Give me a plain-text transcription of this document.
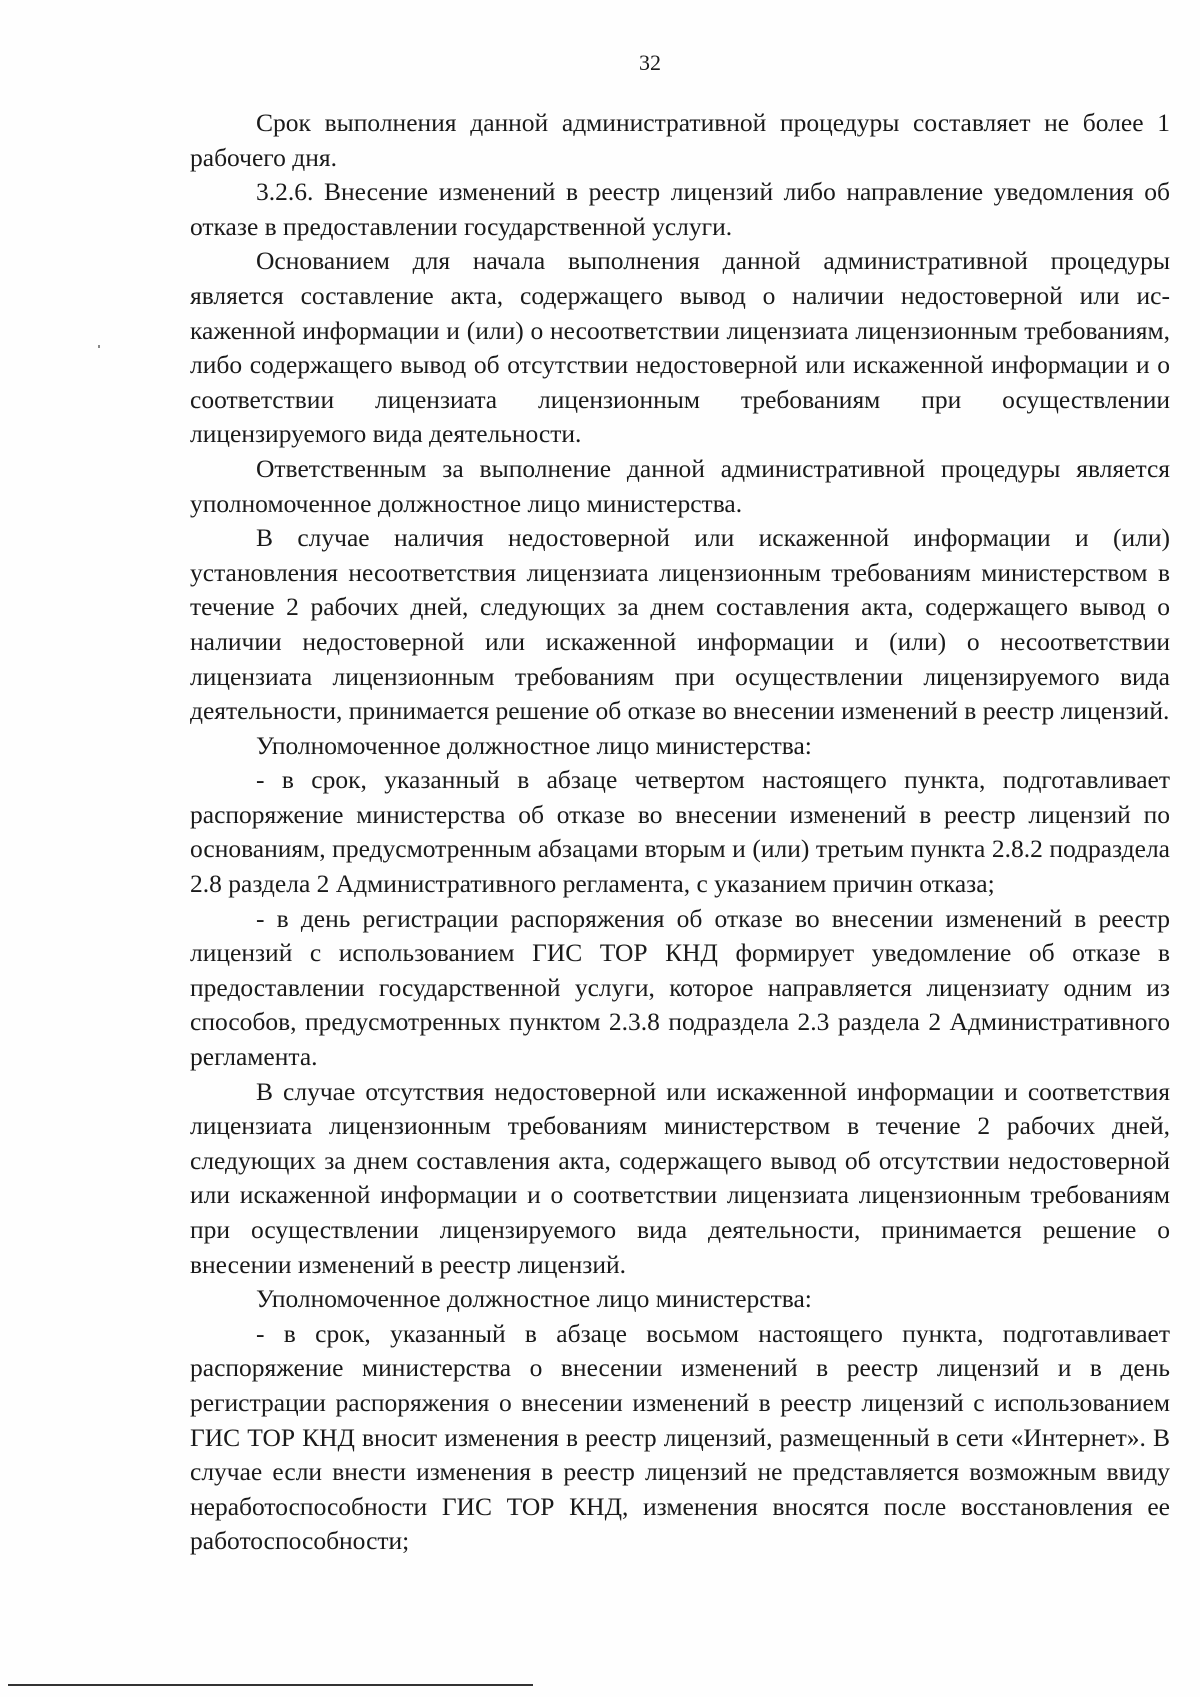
32

Срок выполнения данной административной процедуры составляет не более 1 рабочего дня.

3.2.6. Внесение изменений в реестр лицензий либо направление уведомления об отказе в предоставлении государственной услуги.

Основанием для начала выполнения данной административной процедуры является составление акта, содержащего вывод о наличии недостоверной или искаженной информации и (или) о несоответствии лицензиата лицензионным требованиям, либо содержащего вывод об отсутствии недостоверной или искаженной информации и о соответствии лицензиата лицензионным требованиям при осуществлении лицензируемого вида деятельности.

Ответственным за выполнение данной административной процедуры является уполномоченное должностное лицо министерства.

В случае наличия недостоверной или искаженной информации и (или) установления несоответствия лицензиата лицензионным требованиям министерством в течение 2 рабочих дней, следующих за днем составления акта, содержащего вывод о наличии недостоверной или искаженной информации и (или) о несоответствии лицензиата лицензионным требованиям при осуществлении лицензируемого вида деятельности, принимается решение об отказе во внесении изменений в реестр лицензий.

Уполномоченное должностное лицо министерства:

- в срок, указанный в абзаце четвертом настоящего пункта, подготавливает распоряжение министерства об отказе во внесении изменений в реестр лицензий по основаниям, предусмотренным абзацами вторым и (или) третьим пункта 2.8.2 подраздела 2.8 раздела 2 Административного регламента, с указанием причин отказа;

- в день регистрации распоряжения об отказе во внесении изменений в реестр лицензий с использованием ГИС ТОР КНД формирует уведомление об отказе в предоставлении государственной услуги, которое направляется лицензиату одним из способов, предусмотренных пунктом 2.3.8 подраздела 2.3 раздела 2 Административного регламента.

В случае отсутствия недостоверной или искаженной информации и соответствия лицензиата лицензионным требованиям министерством в течение 2 рабочих дней, следующих за днем составления акта, содержащего вывод об отсутствии недостоверной или искаженной информации и о соответствии лицензиата лицензионным требованиям при осуществлении лицензируемого вида деятельности, принимается решение о внесении изменений в реестр лицензий.

Уполномоченное должностное лицо министерства:

- в срок, указанный в абзаце восьмом настоящего пункта, подготавливает распоряжение министерства о внесении изменений в реестр лицензий и в день регистрации распоряжения о внесении изменений в реестр лицензий с использованием ГИС ТОР КНД вносит изменения в реестр лицензий, размещенный в сети «Интернет». В случае если внести изменения в реестр лицензий не представляется возможным ввиду неработоспособности ГИС ТОР КНД, изменения вносятся после восстановления ее работоспособности;
